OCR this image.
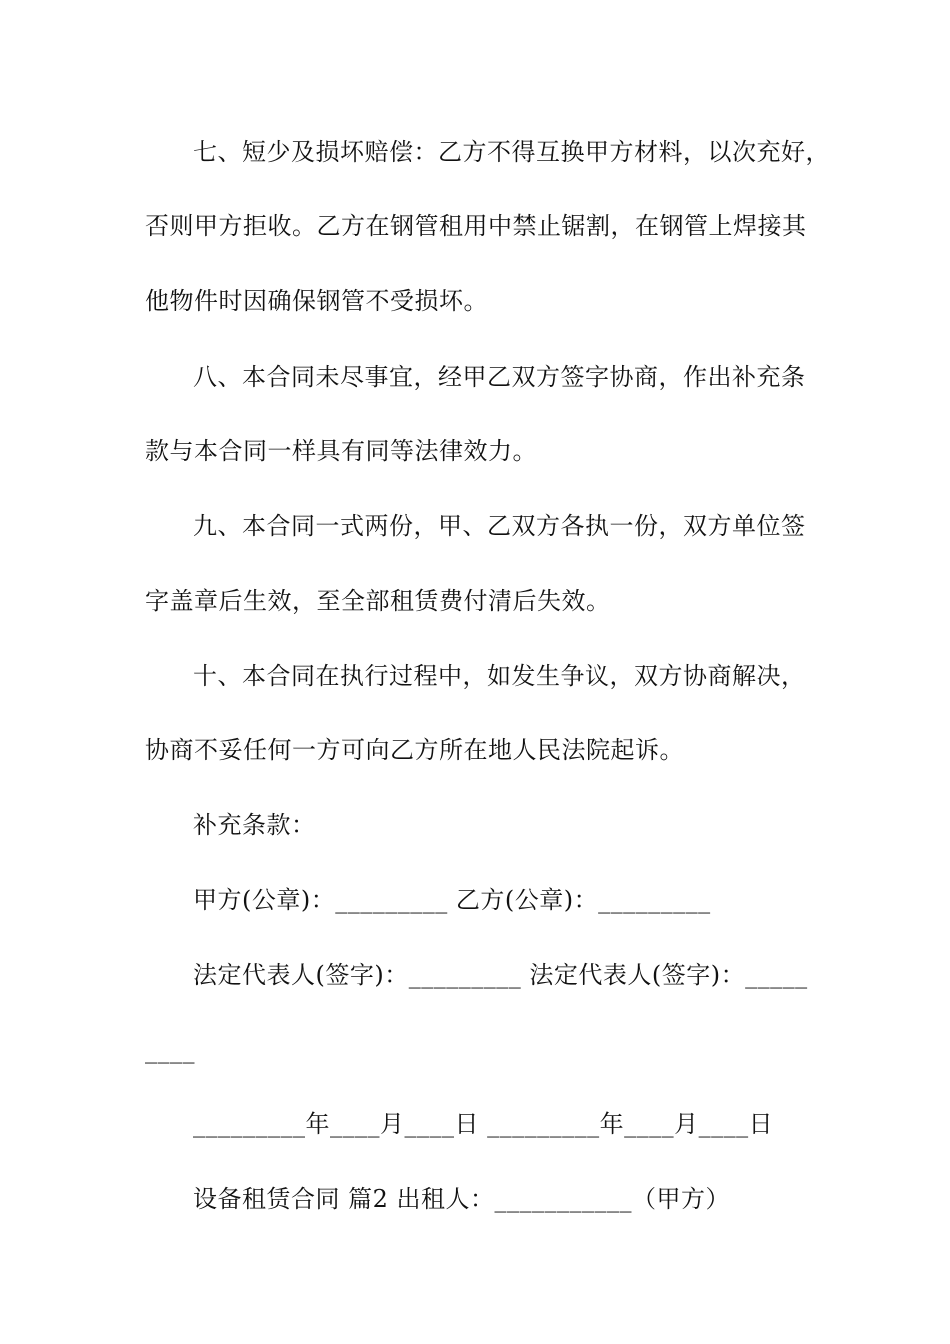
七、短少及损坏赔偿：乙方不得互换甲方材料，以次充好，
否则甲方拒收。乙方在钢管租用中禁止锯割，在钢管上焊接其
他物件时因确保钢管不受损坏。
八、本合同未尽事宜，经甲乙双方签字协商，作出补充条
款与本合同一样具有同等法律效力。
九、本合同一式两份，甲、乙双方各执一份，双方单位签
字盖章后生效，至全部租赁费付清后失效。
十、本合同在执行过程中，如发生争议，双方协商解决，
协商不妥任何一方可向乙方所在地人民法院起诉。
补充条款：
甲方(公章)：_________ 乙方(公章)：_________
法定代表人(签字)：_________ 法定代表人(签字)：_____
____
_________年____月____日 _________年____月____日
设备租赁合同 篇2 出租人：___________（甲方）
